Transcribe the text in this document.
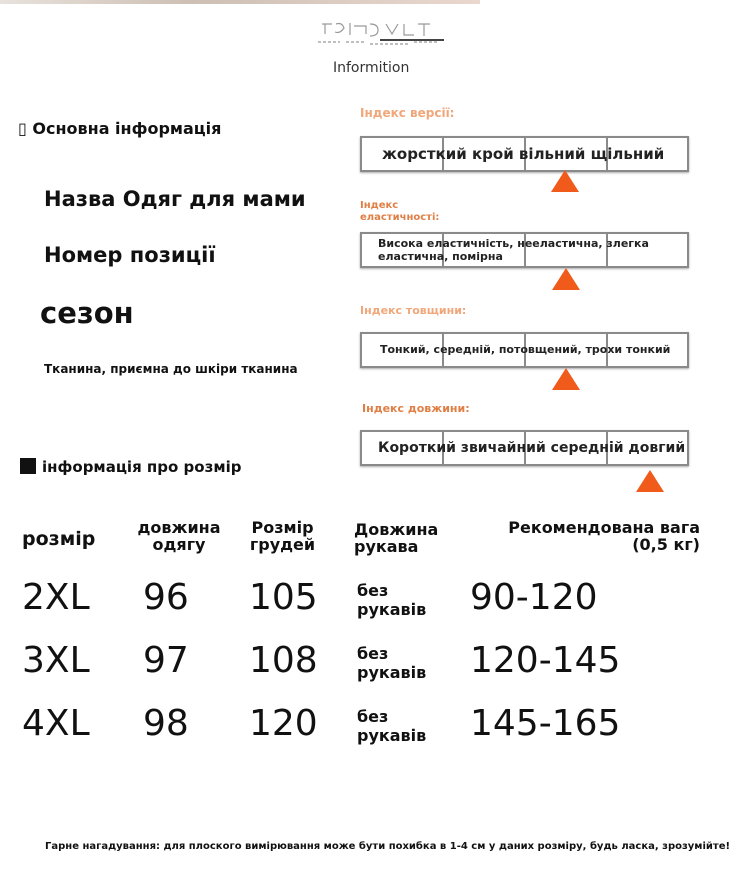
Informition
▯ Основна інформація
Назва Одяг для мами
Номер позиції
сезон
Тканина, приємна до шкіри тканина
Індекс версії:
жорсткий крой вільний щільний
Індекс еластичності:
Висока еластичність, нееластична, злегка еластична, помірна
Індекс товщини:
Тонкий, середній, потовщений, трохи тонкий
Індекс довжини:
Короткий звичайний середній довгий
інформація про розмір
розмір
довжина одягу
Розмір грудей
Довжина рукава
Рекомендована вага (0,5 кг)
2XL 96 105 без рукавів 90-120
3XL 97 108 без рукавів 120-145
4XL 98 120 без рукавів 145-165
Гарне нагадування: для плоского вимірювання може бути похибка в 1-4 см у даних розміру, будь ласка, зрозумійте!
